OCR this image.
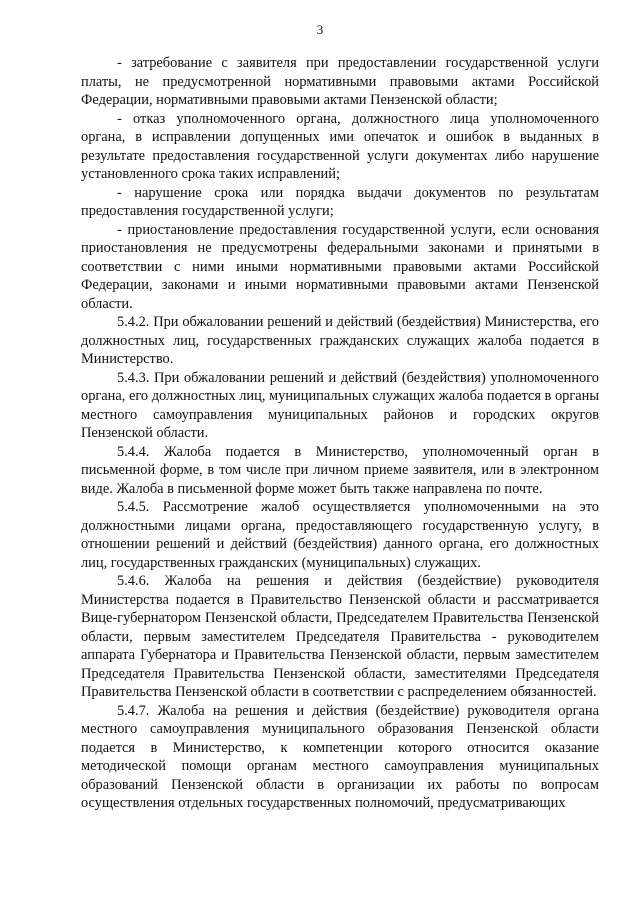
3

- затребование с заявителя при предоставлении государственной услуги платы, не предусмотренной нормативными правовыми актами Российской Федерации, нормативными правовыми актами Пензенской области;

- отказ уполномоченного органа, должностного лица уполномоченного органа, в исправлении допущенных ими опечаток и ошибок в выданных в результате предоставления государственной услуги документах либо нарушение установленного срока таких исправлений;

- нарушение срока или порядка выдачи документов по результатам предоставления государственной услуги;

- приостановление предоставления государственной услуги, если основания приостановления не предусмотрены федеральными законами и принятыми в соответствии с ними иными нормативными правовыми актами Российской Федерации, законами и иными нормативными правовыми актами Пензенской области.

5.4.2. При обжаловании решений и действий (бездействия) Министерства, его должностных лиц, государственных гражданских служащих жалоба подается в Министерство.

5.4.3. При обжаловании решений и действий (бездействия) уполномоченного органа, его должностных лиц, муниципальных служащих жалоба подается в органы местного самоуправления муниципальных районов и городских округов Пензенской области.

5.4.4. Жалоба подается в Министерство, уполномоченный орган в письменной форме, в том числе при личном приеме заявителя, или в электронном виде. Жалоба в письменной форме может быть также направлена по почте.

5.4.5. Рассмотрение жалоб осуществляется уполномоченными на это должностными лицами органа, предоставляющего государственную услугу, в отношении решений и действий (бездействия) данного органа, его должностных лиц, государственных гражданских (муниципальных) служащих.

5.4.6. Жалоба на решения и действия (бездействие) руководителя Министерства подается в Правительство Пензенской области и рассматривается Вице-губернатором Пензенской области, Председателем Правительства Пензенской области, первым заместителем Председателя Правительства - руководителем аппарата Губернатора и Правительства Пензенской области, первым заместителем Председателя Правительства Пензенской области, заместителями Председателя Правительства Пензенской области в соответствии с распределением обязанностей.

5.4.7. Жалоба на решения и действия (бездействие) руководителя органа местного самоуправления муниципального образования Пензенской области подается в Министерство, к компетенции которого относится оказание методической помощи органам местного самоуправления муниципальных образований Пензенской области в организации их работы по вопросам осуществления отдельных государственных полномочий, предусматривающих
